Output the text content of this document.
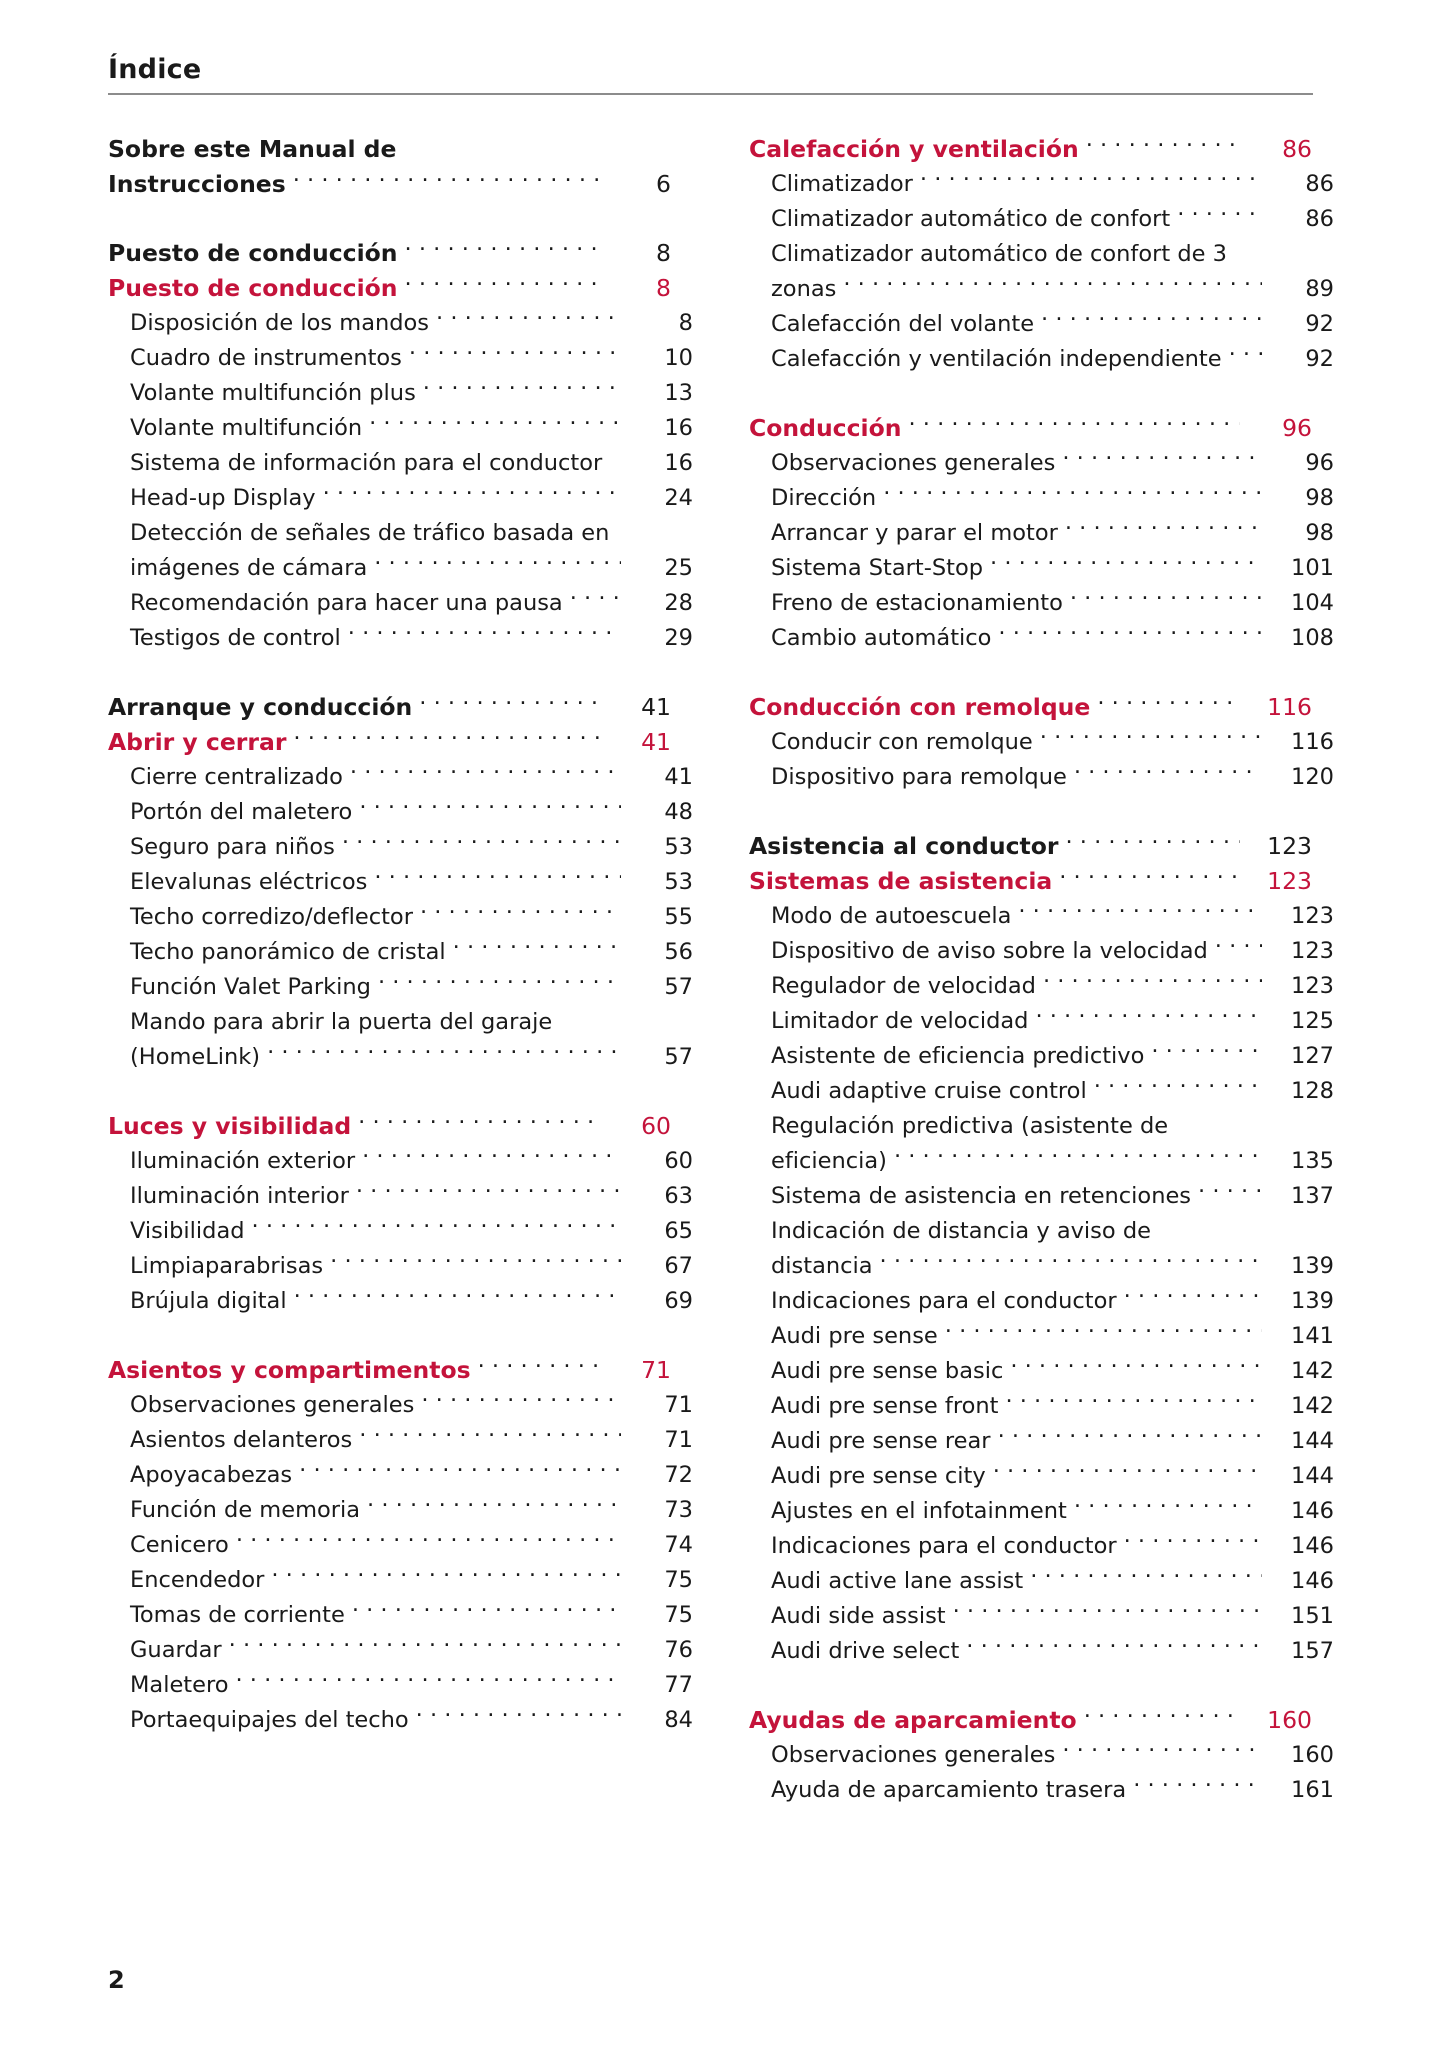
Índice
Sobre este Manual de
Instrucciones . . .	6
Puesto de conducción . . .	8
Puesto de conducción . . .	8
Disposición de los mandos . . .	8
Cuadro de instrumentos . . .	10
Volante multifunción plus . . .	13
Volante multifunción . . .	16
Sistema de información para el conductor	16
Head-up Display . . .	24
Detección de señales de tráfico basada en
imágenes de cámara . . .	25
Recomendación para hacer una pausa . . .	28
Testigos de control . . .	29
Arranque y conducción . . .	41
Abrir y cerrar . . .	41
Cierre centralizado . . .	41
Portón del maletero . . .	48
Seguro para niños . . .	53
Elevalunas eléctricos . . .	53
Techo corredizo/deflector . . .	55
Techo panorámico de cristal . . .	56
Función Valet Parking . . .	57
Mando para abrir la puerta del garaje
(HomeLink) . . .	57
Luces y visibilidad . . .	60
Iluminación exterior . . .	60
Iluminación interior . . .	63
Visibilidad . . .	65
Limpiaparabrisas . . .	67
Brújula digital . . .	69
Asientos y compartimentos . . .	71
Observaciones generales . . .	71
Asientos delanteros . . .	71
Apoyacabezas . . .	72
Función de memoria . . .	73
Cenicero . . .	74
Encendedor . . .	75
Tomas de corriente . . .	75
Guardar . . .	76
Maletero . . .	77
Portaequipajes del techo . . .	84
Calefacción y ventilación . . .	86
Climatizador . . .	86
Climatizador automático de confort . . .	86
Climatizador automático de confort de 3
zonas . . .	89
Calefacción del volante . . .	92
Calefacción y ventilación independiente . . .	92
Conducción . . .	96
Observaciones generales . . .	96
Dirección . . .	98
Arrancar y parar el motor . . .	98
Sistema Start-Stop . . .	101
Freno de estacionamiento . . .	104
Cambio automático . . .	108
Conducción con remolque . . .	116
Conducir con remolque . . .	116
Dispositivo para remolque . . .	120
Asistencia al conductor . . .	123
Sistemas de asistencia . . .	123
Modo de autoescuela . . .	123
Dispositivo de aviso sobre la velocidad . . .	123
Regulador de velocidad . . .	123
Limitador de velocidad . . .	125
Asistente de eficiencia predictivo . . .	127
Audi adaptive cruise control . . .	128
Regulación predictiva (asistente de
eficiencia) . . .	135
Sistema de asistencia en retenciones . . .	137
Indicación de distancia y aviso de
distancia . . .	139
Indicaciones para el conductor . . .	139
Audi pre sense . . .	141
Audi pre sense basic . . .	142
Audi pre sense front . . .	142
Audi pre sense rear . . .	144
Audi pre sense city . . .	144
Ajustes en el infotainment . . .	146
Indicaciones para el conductor . . .	146
Audi active lane assist . . .	146
Audi side assist . . .	151
Audi drive select . . .	157
Ayudas de aparcamiento . . .	160
Observaciones generales . . .	160
Ayuda de aparcamiento trasera . . .	161
2
